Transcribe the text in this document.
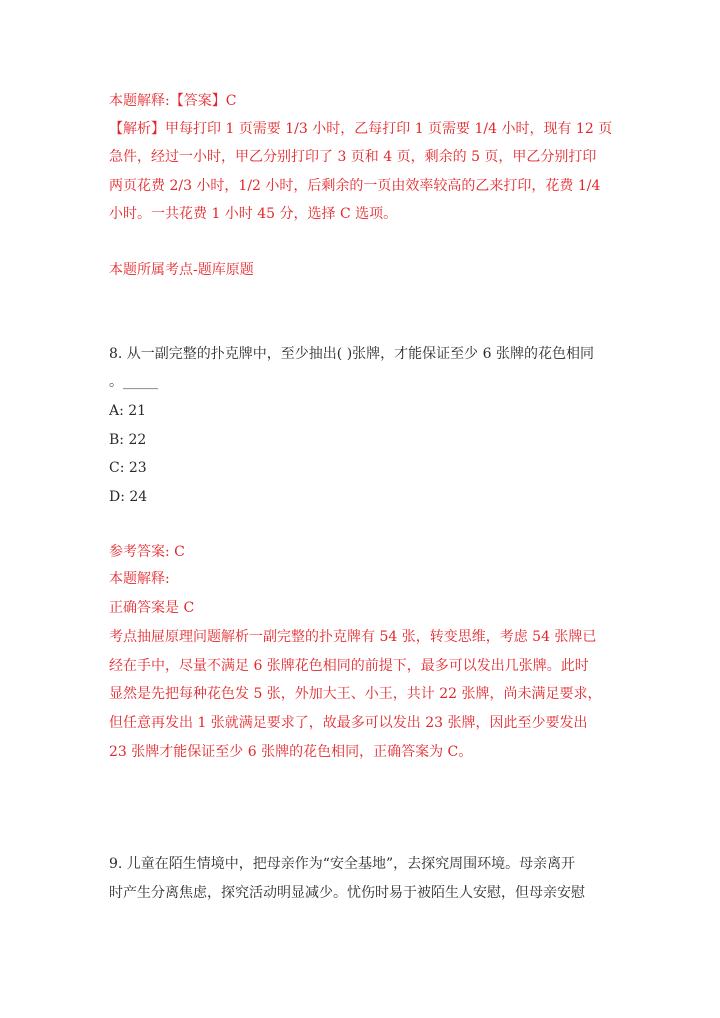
本题解释:【答案】C
【解析】甲每打印 1 页需要 1/3 小时，乙每打印 1 页需要 1/4 小时，现有 12 页
急件，经过一小时，甲乙分别打印了 3 页和 4 页，剩余的 5 页，甲乙分别打印
两页花费 2/3 小时，1/2 小时，后剩余的一页由效率较高的乙来打印，花费 1/4
小时。一共花费 1 小时 45 分，选择 C 选项。
本题所属考点-题库原题
8. 从一副完整的扑克牌中，至少抽出( )张牌，才能保证至少 6 张牌的花色相同
。_____
A: 21
B: 22
C: 23
D: 24
参考答案: C
本题解释:
正确答案是 C
考点抽屉原理问题解析一副完整的扑克牌有 54 张，转变思维，考虑 54 张牌已
经在手中，尽量不满足 6 张牌花色相同的前提下，最多可以发出几张牌。此时
显然是先把每种花色发 5 张，外加大王、小王，共计 22 张牌，尚未满足要求，
但任意再发出 1 张就满足要求了，故最多可以发出 23 张牌，因此至少要发出
23 张牌才能保证至少 6 张牌的花色相同，正确答案为 C。
9. 儿童在陌生情境中，把母亲作为“安全基地”，去探究周围环境。母亲离开
时产生分离焦虑，探究活动明显减少。忧伤时易于被陌生人安慰，但母亲安慰
